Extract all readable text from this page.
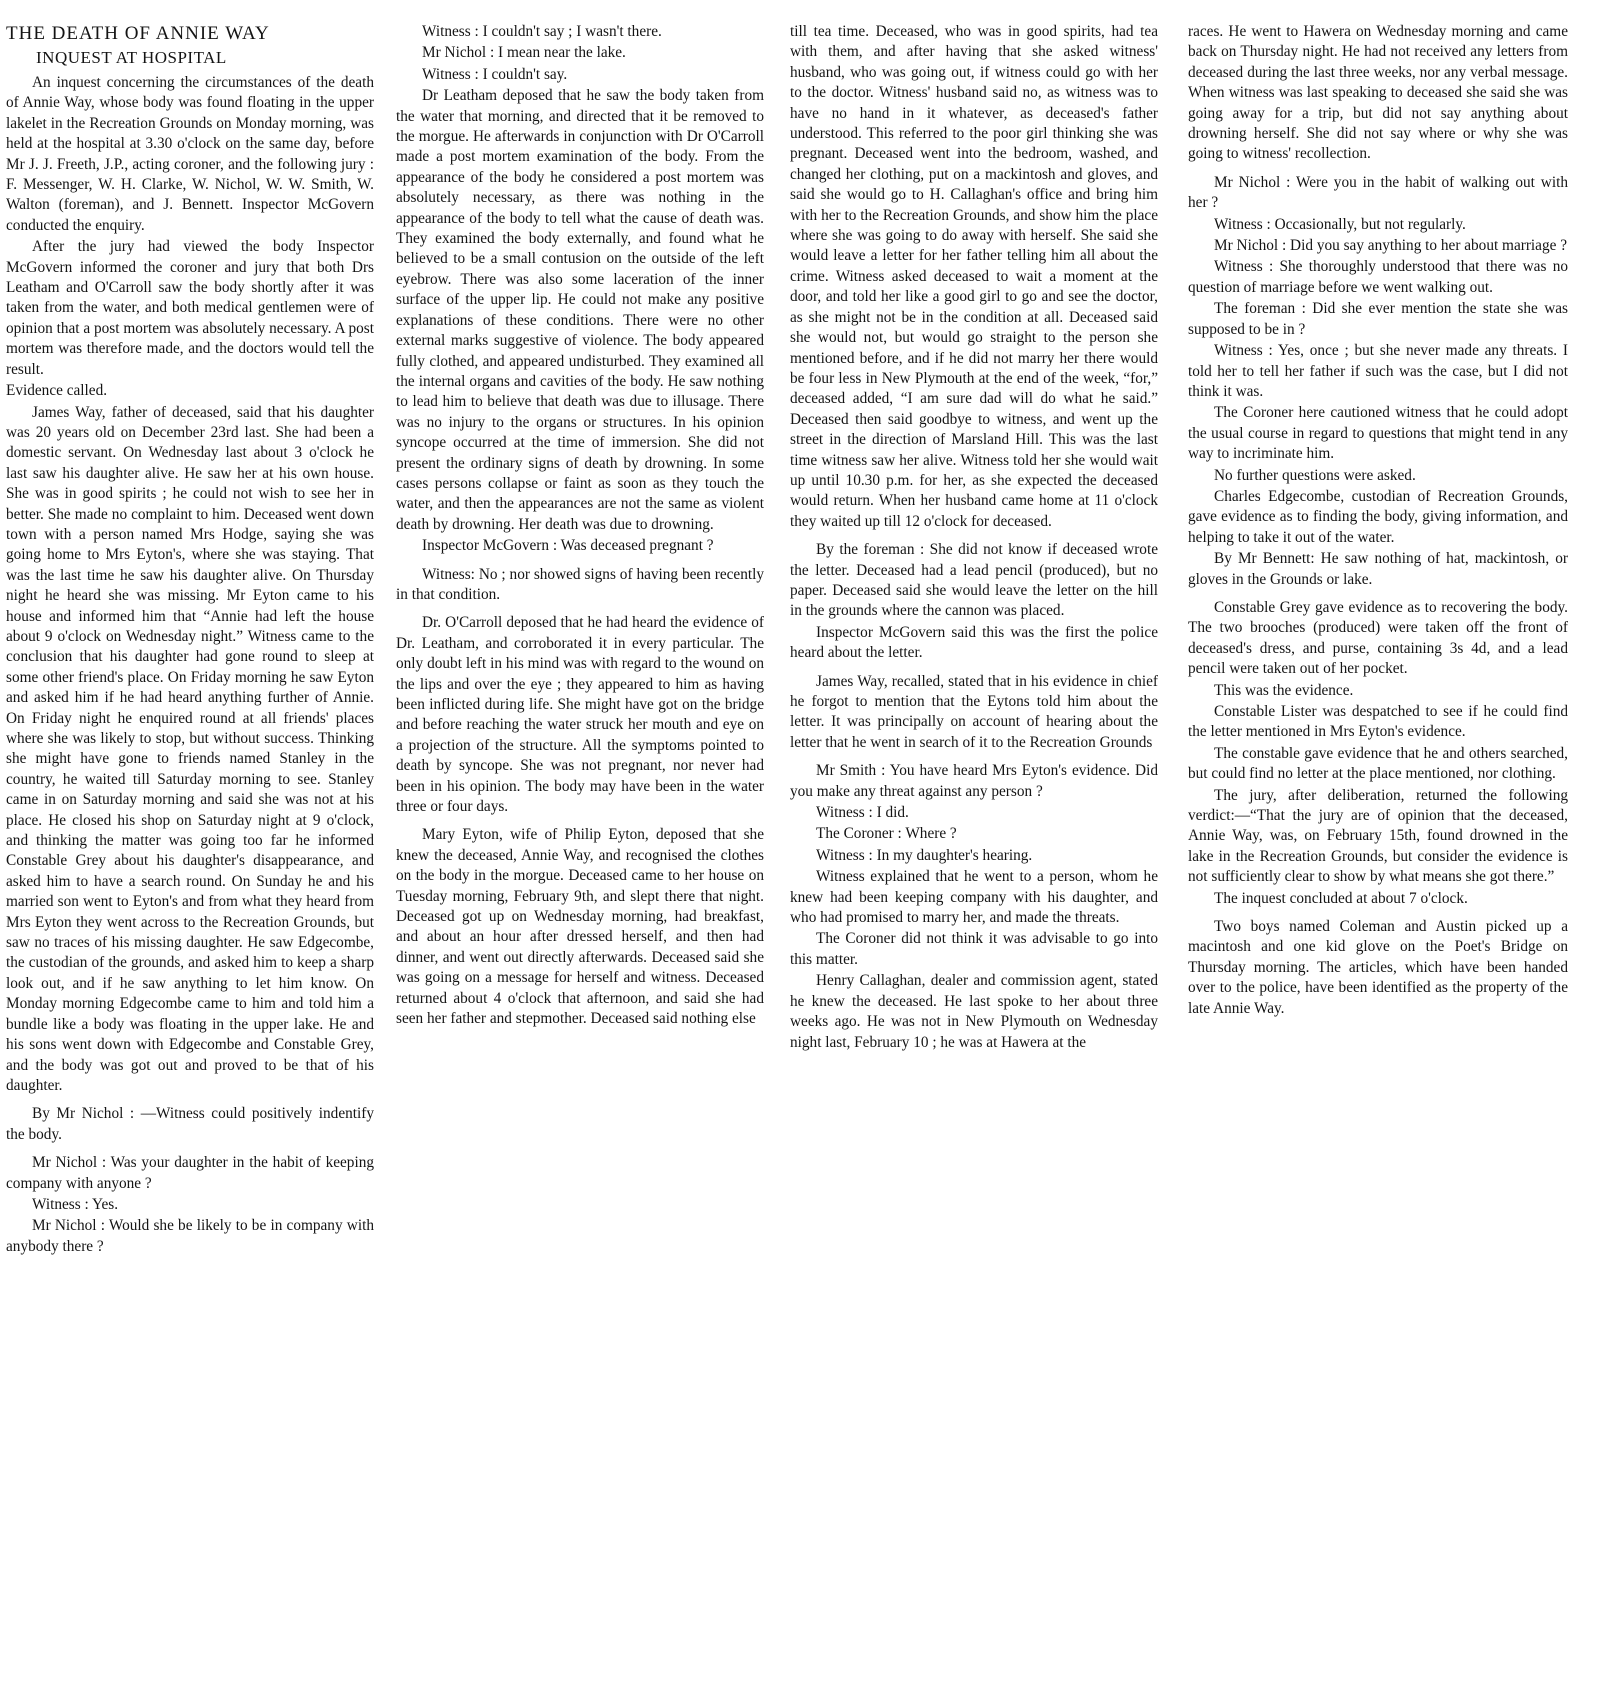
THE DEATH OF ANNIE WAY
INQUEST AT HOSPITAL

An inquest concerning the circumstances of the death of Annie Way, whose body was found floating in the upper lakelet in the Recreation Grounds on Monday morning, was held at the hospital at 3.30 o'clock on the same day, before Mr J. J. Freeth, J.P., acting coroner, and the following jury : F. Messenger, W. H. Clarke, W. Nichol, W. W. Smith, W. Walton (foreman), and J. Bennett. Inspector McGovern conducted the enquiry.

After the jury had viewed the body Inspector McGovern informed the coroner and jury that both Drs Leatham and O'Carroll saw the body shortly after it was taken from the water, and both medical gentlemen were of opinion that a post mortem was absolutely necessary. A post mortem was therefore made, and the doctors would tell the result.

Evidence called.

James Way, father of deceased, said that his daughter was 20 years old on December 23rd last. She had been a domestic servant. On Wednesday last about 3 o'clock he last saw his daughter alive. He saw her at his own house. She was in good spirits ; he could not wish to see her in better. She made no complaint to him. Deceased went down town with a person named Mrs Hodge, saying she was going home to Mrs Eyton's, where she was staying. That was the last time he saw his daughter alive. On Thursday night he heard she was missing. Mr Eyton came to his house and informed him that “Annie had left the house about 9 o'clock on Wednesday night.” Witness came to the conclusion that his daughter had gone round to sleep at some other friend's place. On Friday morning he saw Eyton and asked him if he had heard anything further of Annie. On Friday night he enquired round at all friends' places where she was likely to stop, but without success. Thinking she might have gone to friends named Stanley in the country, he waited till Saturday morning to see. Stanley came in on Saturday morning and said she was not at his place. He closed his shop on Saturday night at 9 o'clock, and thinking the matter was going too far he informed Constable Grey about his daughter's disappearance, and asked him to have a search round. On Sunday he and his married son went to Eyton's and from what they heard from Mrs Eyton they went across to the Recreation Grounds, but saw no traces of his missing daughter. He saw Edgecombe, the custodian of the grounds, and asked him to keep a sharp look out, and if he saw anything to let him know. On Monday morning Edgecombe came to him and told him a bundle like a body was floating in the upper lake. He and his sons went down with Edgecombe and Constable Grey, and the body was got out and proved to be that of his daughter.

By Mr Nichol : —Witness could positively indentify the body.

Mr Nichol : Was your daughter in the habit of keeping company with anyone ?

Witness : Yes.

Mr Nichol : Would she be likely to be in company with anybody there ?

Witness : I couldn't say ; I wasn't there.

Mr Nichol : I mean near the lake.

Witness : I couldn't say.

Dr Leatham deposed that he saw the body taken from the water that morning, and directed that it be removed to the morgue. He afterwards in conjunction with Dr O'Carroll made a post mortem examination of the body. From the appearance of the body he considered a post mortem was absolutely necessary, as there was nothing in the appearance of the body to tell what the cause of death was. They examined the body externally, and found what he believed to be a small contusion on the outside of the left eyebrow. There was also some laceration of the inner surface of the upper lip. He could not make any positive explanations of these conditions. There were no other external marks suggestive of violence. The body appeared fully clothed, and appeared undisturbed. They examined all the internal organs and cavities of the body. He saw nothing to lead him to believe that death was due to illusage. There was no injury to the organs or structures. In his opinion syncope occurred at the time of immersion. She did not present the ordinary signs of death by drowning. In some cases persons collapse or faint as soon as they touch the water, and then the appearances are not the same as violent death by drowning. Her death was due to drowning.

Inspector McGovern : Was deceased pregnant ?

Witness: No ; nor showed signs of having been recently in that condition.

Dr. O'Carroll deposed that he had heard the evidence of Dr. Leatham, and corroborated it in every particular. The only doubt left in his mind was with regard to the wound on the lips and over the eye ; they appeared to him as having been inflicted during life. She might have got on the bridge and before reaching the water struck her mouth and eye on a projection of the structure. All the symptoms pointed to death by syncope. She was not pregnant, nor never had been in his opinion. The body may have been in the water three or four days.

Mary Eyton, wife of Philip Eyton, deposed that she knew the deceased, Annie Way, and recognised the clothes on the body in the morgue. Deceased came to her house on Tuesday morning, February 9th, and slept there that night. Deceased got up on Wednesday morning, had breakfast, and about an hour after dressed herself, and then had dinner, and went out directly afterwards. Deceased said she was going on a message for herself and witness. Deceased returned about 4 o'clock that afternoon, and said she had seen her father and stepmother. Deceased said nothing else

till tea time. Deceased, who was in good spirits, had tea with them, and after having that she asked witness' husband, who was going out, if witness could go with her to the doctor. Witness' husband said no, as witness was to have no hand in it whatever, as deceased's father understood. This referred to the poor girl thinking she was pregnant. Deceased went into the bedroom, washed, and changed her clothing, put on a mackintosh and gloves, and said she would go to H. Callaghan's office and bring him with her to the Recreation Grounds, and show him the place where she was going to do away with herself. She said she would leave a letter for her father telling him all about the crime. Witness asked deceased to wait a moment at the door, and told her like a good girl to go and see the doctor, as she might not be in the condition at all. Deceased said she would not, but would go straight to the person she mentioned before, and if he did not marry her there would be four less in New Plymouth at the end of the week, “for,” deceased added, “I am sure dad will do what he said.” Deceased then said goodbye to witness, and went up the street in the direction of Marsland Hill. This was the last time witness saw her alive. Witness told her she would wait up until 10.30 p.m. for her, as she expected the deceased would return. When her husband came home at 11 o'clock they waited up till 12 o'clock for deceased.

By the foreman : She did not know if deceased wrote the letter. Deceased had a lead pencil (produced), but no paper. Deceased said she would leave the letter on the hill in the grounds where the cannon was placed.

Inspector McGovern said this was the first the police heard about the letter.

James Way, recalled, stated that in his evidence in chief he forgot to mention that the Eytons told him about the letter. It was principally on account of hearing about the letter that he went in search of it to the Recreation Grounds

Mr Smith : You have heard Mrs Eyton's evidence. Did you make any threat against any person ?

Witness : I did.

The Coroner : Where ?

Witness : In my daughter's hearing.

Witness explained that he went to a person, whom he knew had been keeping company with his daughter, and who had promised to marry her, and made the threats.

The Coroner did not think it was advisable to go into this matter.

Henry Callaghan, dealer and commission agent, stated he knew the deceased. He last spoke to her about three weeks ago. He was not in New Plymouth on Wednesday night last, February 10 ; he was at Hawera at the

races. He went to Hawera on Wednesday morning and came back on Thursday night. He had not received any letters from deceased during the last three weeks, nor any verbal message. When witness was last speaking to deceased she said she was going away for a trip, but did not say anything about drowning herself. She did not say where or why she was going to witness' recollection.

Mr Nichol : Were you in the habit of walking out with her ?

Witness : Occasionally, but not regularly.

Mr Nichol : Did you say anything to her about marriage ?

Witness : She thoroughly understood that there was no question of marriage before we went walking out.

The foreman : Did she ever mention the state she was supposed to be in ?

Witness : Yes, once ; but she never made any threats. I told her to tell her father if such was the case, but I did not think it was.

The Coroner here cautioned witness that he could adopt the usual course in regard to questions that might tend in any way to incriminate him.

No further questions were asked.

Charles Edgecombe, custodian of Recreation Grounds, gave evidence as to finding the body, giving information, and helping to take it out of the water.

By Mr Bennett: He saw nothing of hat, mackintosh, or gloves in the Grounds or lake.

Constable Grey gave evidence as to recovering the body. The two brooches (produced) were taken off the front of deceased's dress, and purse, containing 3s 4d, and a lead pencil were taken out of her pocket.

This was the evidence.

Constable Lister was despatched to see if he could find the letter mentioned in Mrs Eyton's evidence.

The constable gave evidence that he and others searched, but could find no letter at the place mentioned, nor clothing.

The jury, after deliberation, returned the following verdict:—“That the jury are of opinion that the deceased, Annie Way, was, on February 15th, found drowned in the lake in the Recreation Grounds, but consider the evidence is not sufficiently clear to show by what means she got there.”

The inquest concluded at about 7 o'clock.

Two boys named Coleman and Austin picked up a macintosh and one kid glove on the Poet's Bridge on Thursday morning. The articles, which have been handed over to the police, have been identified as the property of the late Annie Way.
